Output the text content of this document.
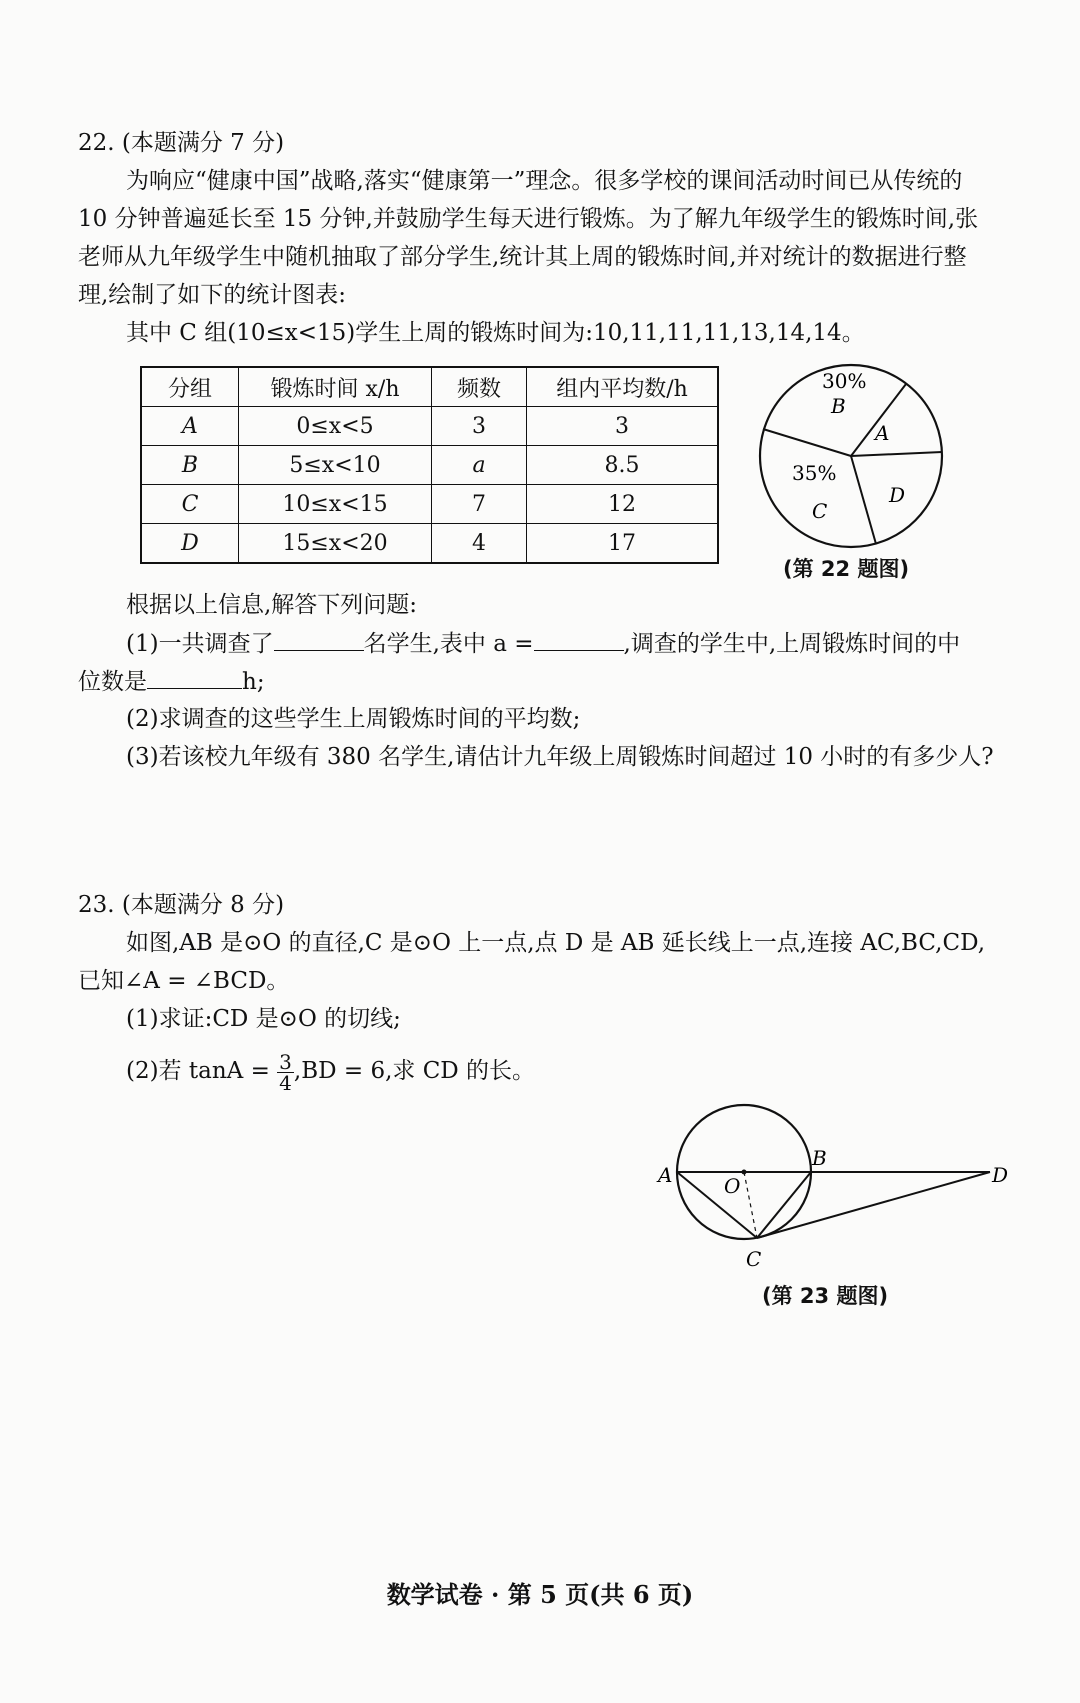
22. (本题满分 7 分)
为响应“健康中国”战略,落实“健康第一”理念。很多学校的课间活动时间已从传统的
10 分钟普遍延长至 15 分钟,并鼓励学生每天进行锻炼。为了解九年级学生的锻炼时间,张
老师从九年级学生中随机抽取了部分学生,统计其上周的锻炼时间,并对统计的数据进行整
理,绘制了如下的统计图表:
其中 C 组(10≤x<15)学生上周的锻炼时间为:10,11,11,11,13,14,14。
分组	锻炼时间 x/h	频数	组内平均数/h
A	0≤x<5	3	3
B	5≤x<10	a	8.5
C	10≤x<15	7	12
D	15≤x<20	4	17
30%
B
A
35%
C
D
(第 22 题图)
根据以上信息,解答下列问题:
(1)一共调查了	名学生,表中 a =	,调查的学生中,上周锻炼时间的中
位数是	h;
(2)求调查的这些学生上周锻炼时间的平均数;
(3)若该校九年级有 380 名学生,请估计九年级上周锻炼时间超过 10 小时的有多少人?
23. (本题满分 8 分)
如图,AB 是⊙O 的直径,C 是⊙O 上一点,点 D 是 AB 延长线上一点,连接 AC,BC,CD,
已知∠A = ∠BCD。
(1)求证:CD 是⊙O 的切线;
(2)若 $\tan A = \frac{3}{4} ,BD = 6$,求 CD 的长。
A
B
C
D
O
(第 23 题图)
数学试卷 · 第 5 页(共 6 页)
